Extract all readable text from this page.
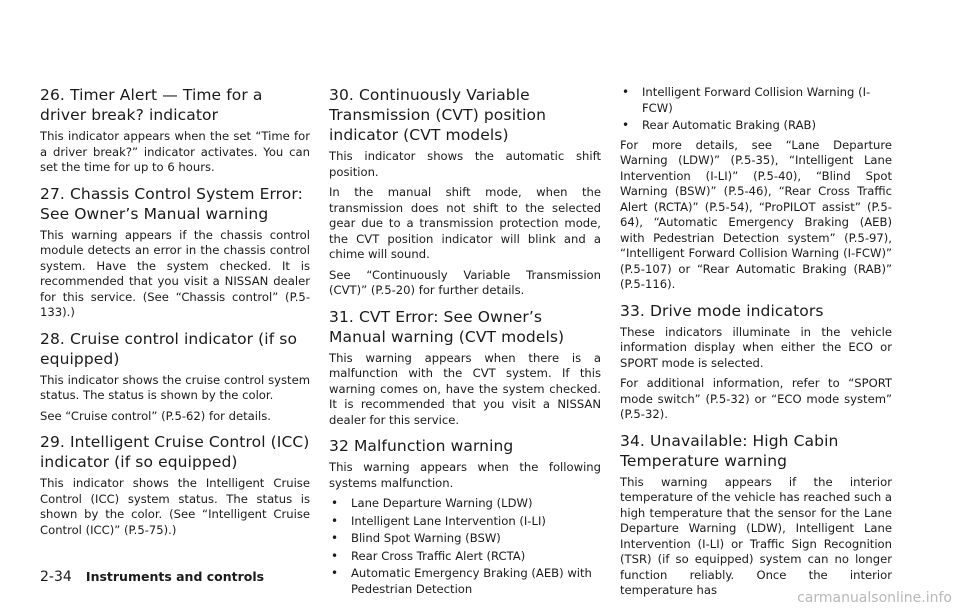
26. Timer Alert — Time for a driver break? indicator

This indicator appears when the set “Time for a driver break?” indicator activates. You can set the time for up to 6 hours.

27. Chassis Control System Error: See Owner’s Manual warning

This warning appears if the chassis control module detects an error in the chassis control system. Have the system checked. It is recommended that you visit a NISSAN dealer for this service. (See “Chassis control” (P.5-133).)

28. Cruise control indicator (if so equipped)

This indicator shows the cruise control system status. The status is shown by the color.

See “Cruise control” (P.5-62) for details.

29. Intelligent Cruise Control (ICC) indicator (if so equipped)

This indicator shows the Intelligent Cruise Control (ICC) system status. The status is shown by the color. (See “Intelligent Cruise Control (ICC)” (P.5-75).)

30. Continuously Variable Transmission (CVT) position indicator (CVT models)

This indicator shows the automatic shift position.

In the manual shift mode, when the transmission does not shift to the selected gear due to a transmission protection mode, the CVT position indicator will blink and a chime will sound.

See “Continuously Variable Transmission (CVT)” (P.5-20) for further details.

31. CVT Error: See Owner’s Manual warning (CVT models)

This warning appears when there is a malfunction with the CVT system. If this warning comes on, have the system checked. It is recommended that you visit a NISSAN dealer for this service.

32 Malfunction warning

This warning appears when the following systems malfunction.

• Lane Departure Warning (LDW)
• Intelligent Lane Intervention (I-LI)
• Blind Spot Warning (BSW)
• Rear Cross Traffic Alert (RCTA)
• Automatic Emergency Braking (AEB) with Pedestrian Detection
• Intelligent Forward Collision Warning (I-FCW)
• Rear Automatic Braking (RAB)

For more details, see “Lane Departure Warning (LDW)” (P.5-35), “Intelligent Lane Intervention (I-LI)” (P.5-40), “Blind Spot Warning (BSW)” (P.5-46), “Rear Cross Traffic Alert (RCTA)” (P.5-54), “ProPILOT assist” (P.5-64), “Automatic Emergency Braking (AEB) with Pedestrian Detection system” (P.5-97), “Intelligent Forward Collision Warning (I-FCW)” (P.5-107) or “Rear Automatic Braking (RAB)” (P.5-116).

33. Drive mode indicators

These indicators illuminate in the vehicle information display when either the ECO or SPORT mode is selected.

For additional information, refer to “SPORT mode switch” (P.5-32) or “ECO mode system” (P.5-32).

34. Unavailable: High Cabin Temperature warning

This warning appears if the interior temperature of the vehicle has reached such a high temperature that the sensor for the Lane Departure Warning (LDW), Intelligent Lane Intervention (I-LI) or Traffic Sign Recognition (TSR) (if so equipped) system can no longer function reliably. Once the interior temperature has

2-34 Instruments and controls
carmanualsonline.info
